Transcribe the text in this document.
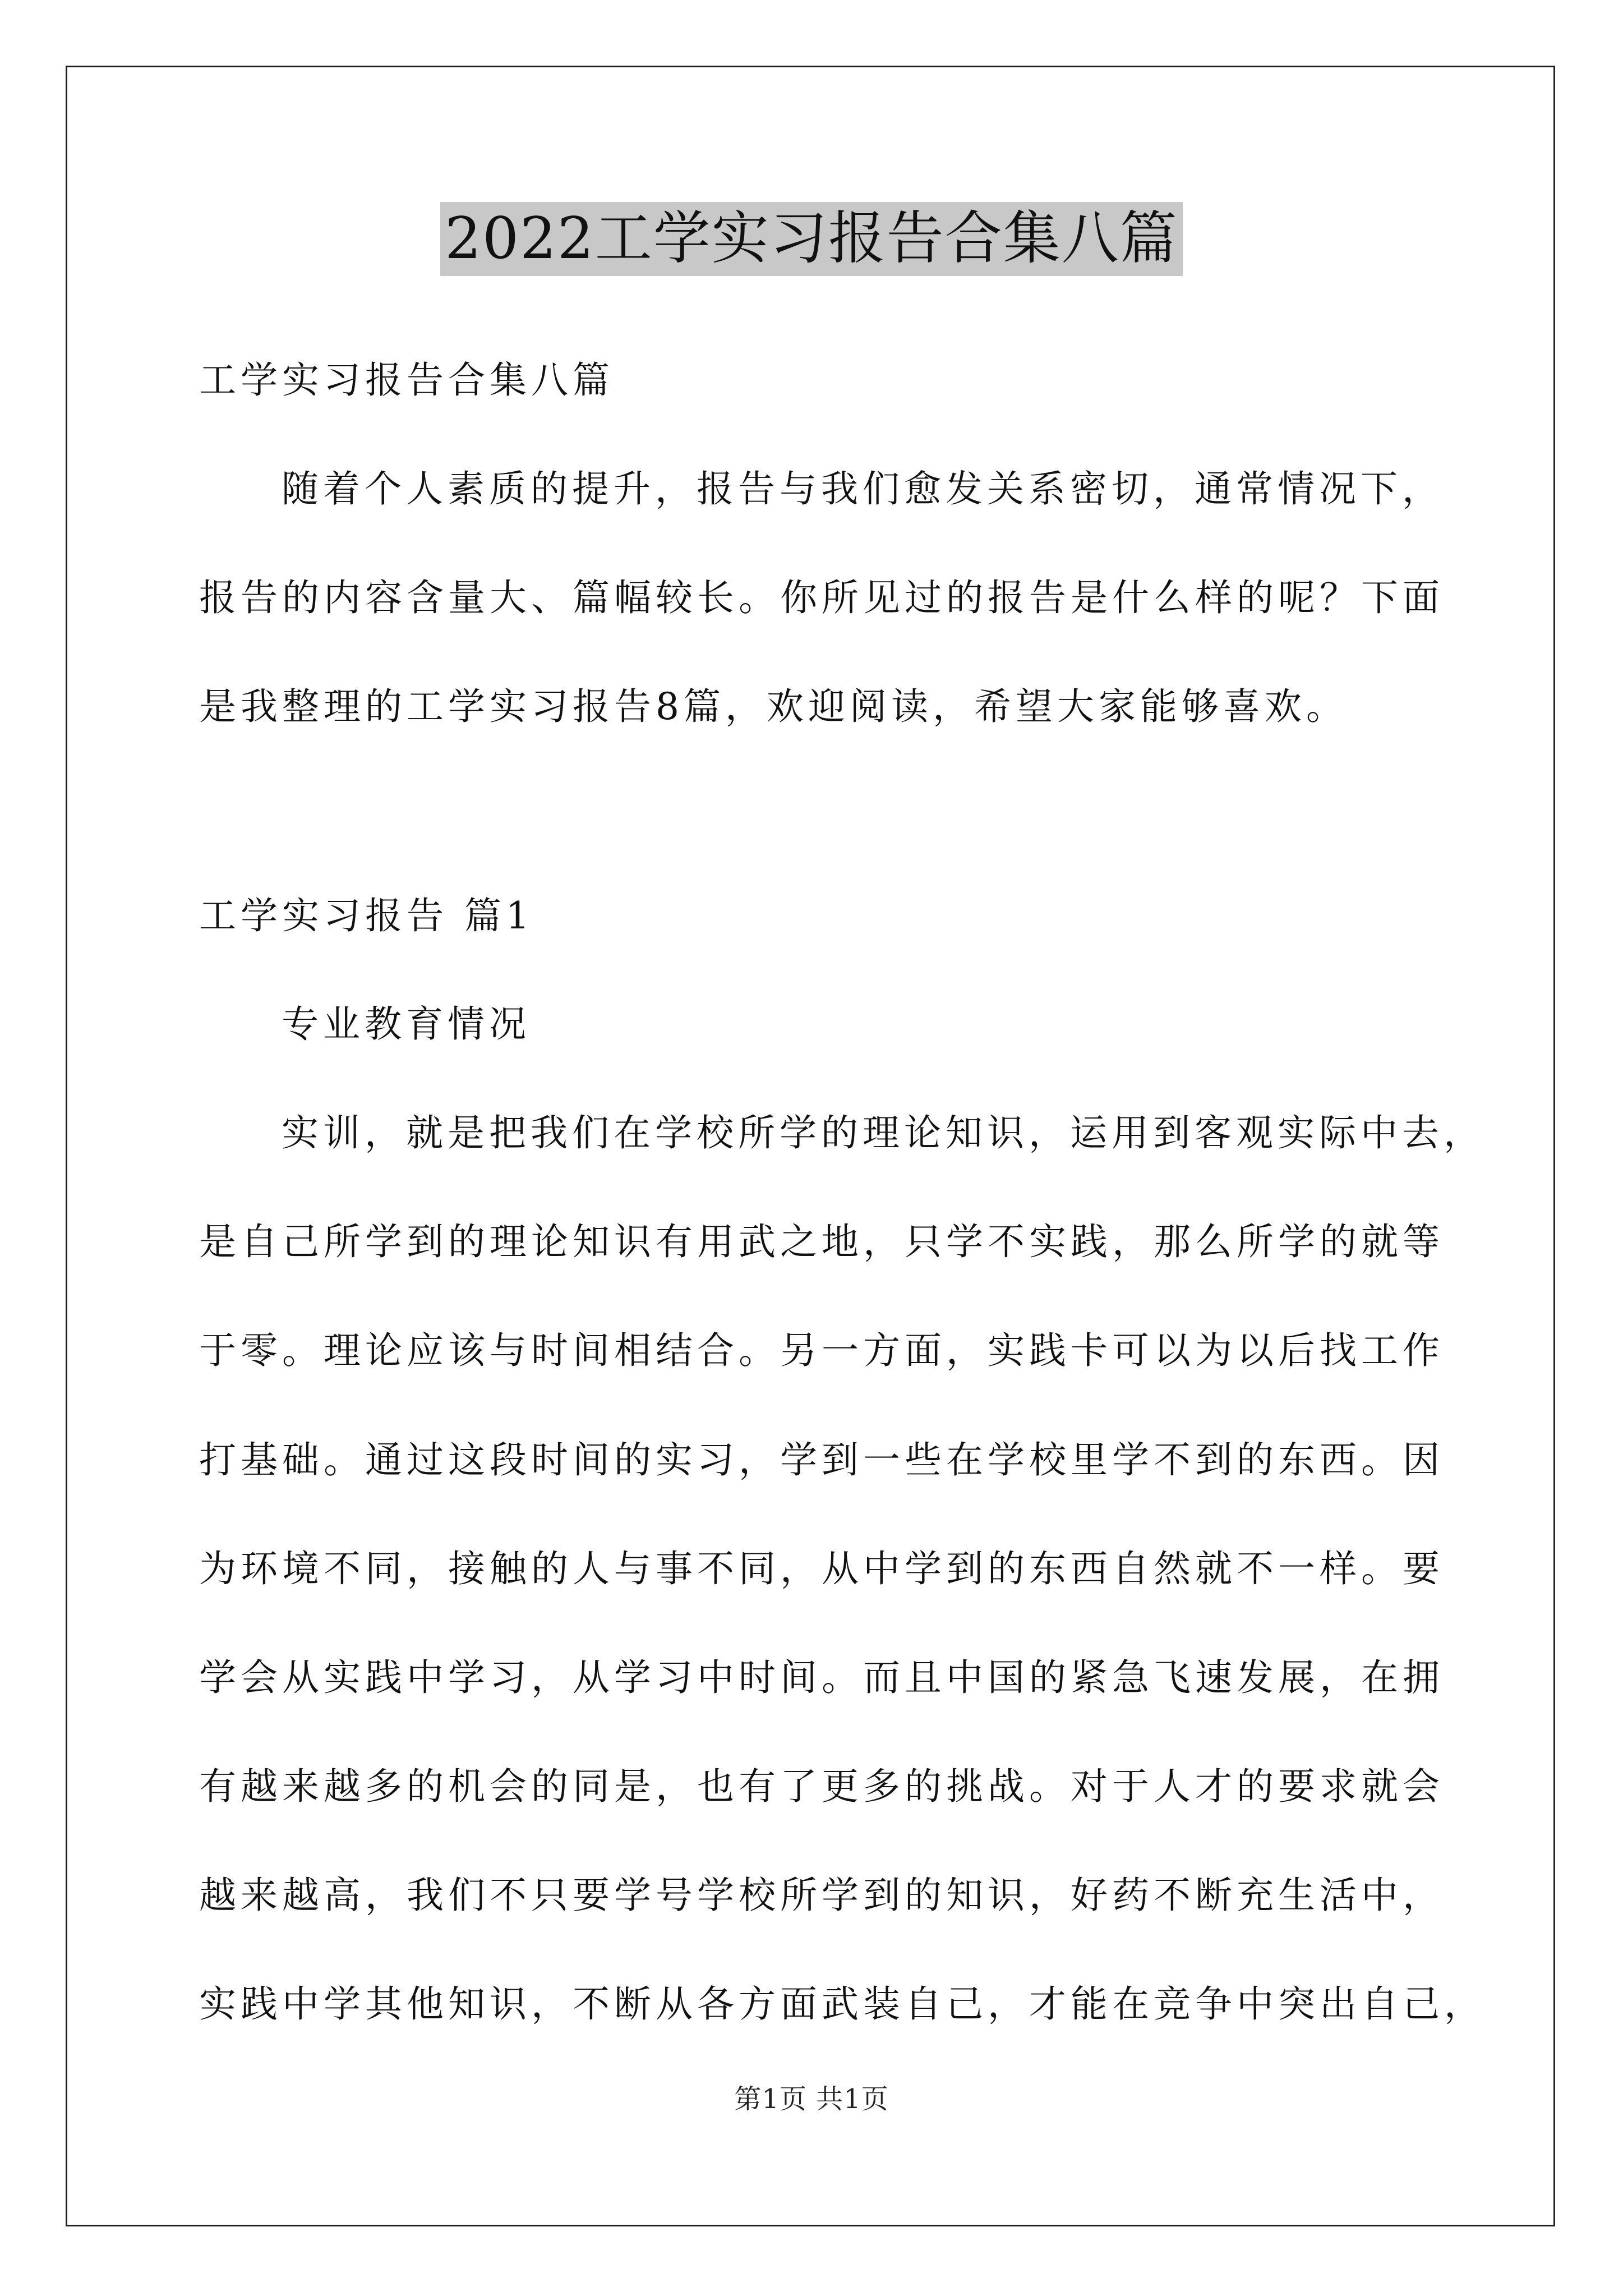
2022工学实习报告合集八篇
工学实习报告合集八篇
随着个人素质的提升，报告与我们愈发关系密切，通常情况下，
报告的内容含量大、篇幅较长。你所见过的报告是什么样的呢？下面
是我整理的工学实习报告8篇，欢迎阅读，希望大家能够喜欢。
工学实习报告 篇1
专业教育情况
实训，就是把我们在学校所学的理论知识，运用到客观实际中去，
是自己所学到的理论知识有用武之地，只学不实践，那么所学的就等
于零。理论应该与时间相结合。另一方面，实践卡可以为以后找工作
打基础。通过这段时间的实习，学到一些在学校里学不到的东西。因
为环境不同，接触的人与事不同，从中学到的东西自然就不一样。要
学会从实践中学习，从学习中时间。而且中国的紧急飞速发展，在拥
有越来越多的机会的同是，也有了更多的挑战。对于人才的要求就会
越来越高，我们不只要学号学校所学到的知识，好药不断充生活中，
实践中学其他知识，不断从各方面武装自己，才能在竞争中突出自己，
第1页 共1页
